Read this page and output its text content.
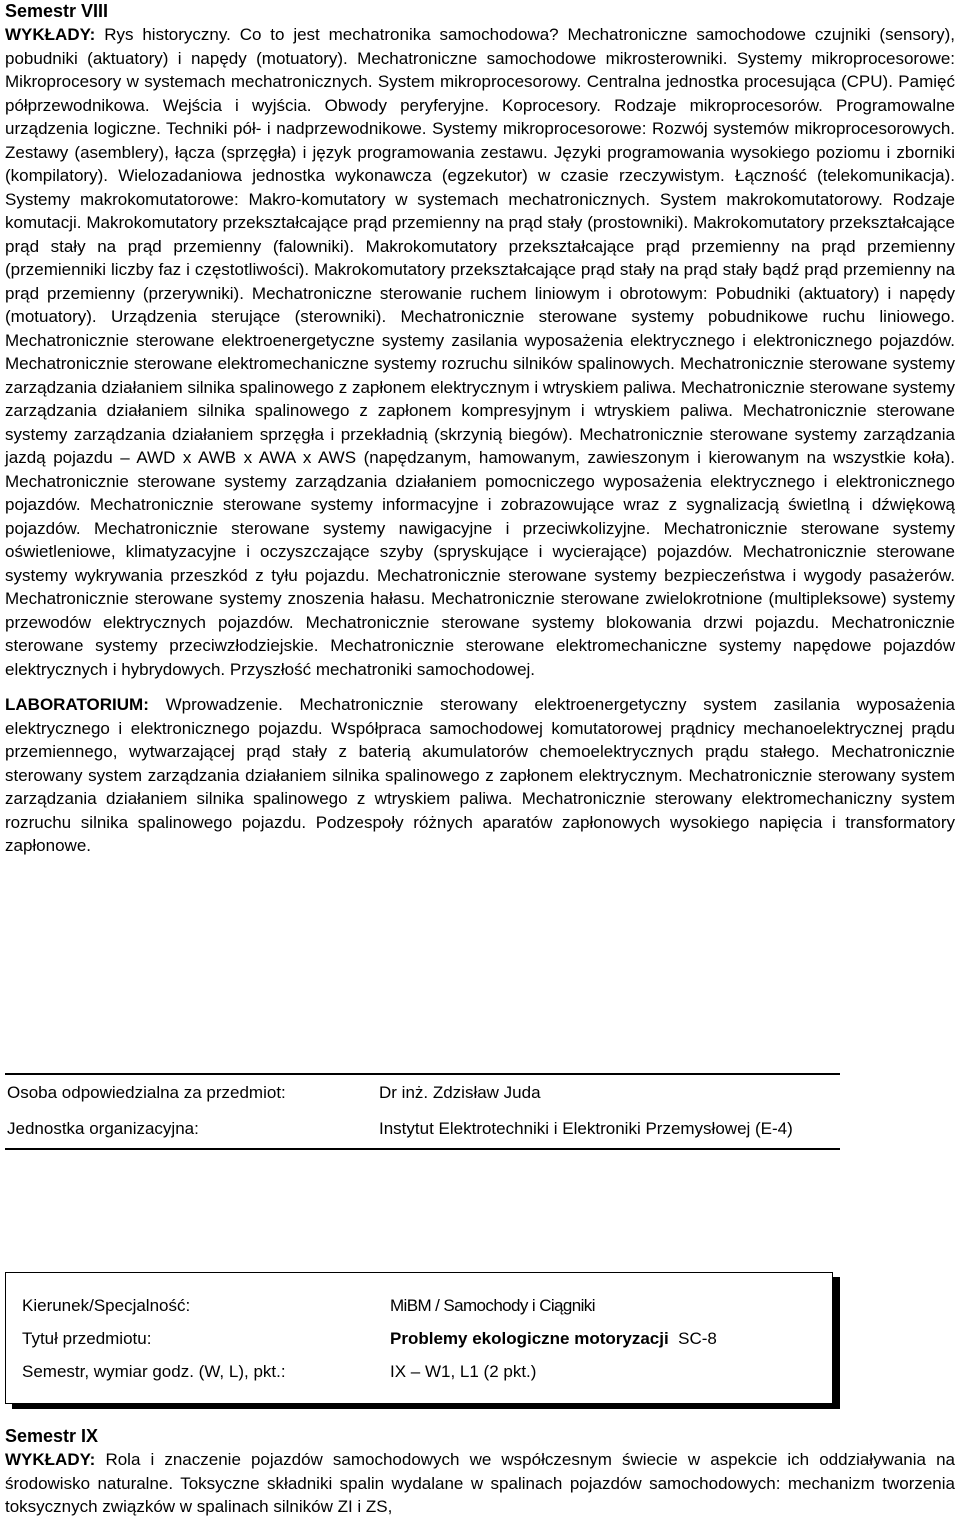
Semestr VIII

WYKŁADY: Rys historyczny. Co to jest mechatronika samochodowa? Mechatroniczne samochodowe czujniki (sensory), pobudniki (aktuatory) i napędy (motuatory). Mechatroniczne samochodowe mikrosterowniki. Systemy mikroprocesorowe: Mikroprocesory w systemach mechatronicznych. System mikroprocesorowy. Centralna jednostka procesująca (CPU). Pamięć półprzewodnikowa. Wejścia i wyjścia. Obwody peryferyjne. Koprocesory. Rodzaje mikroprocesorów. Programowalne urządzenia logiczne. Techniki pół- i nadprzewodnikowe. Systemy mikroprocesorowe: Rozwój systemów mikroprocesorowych. Zestawy (asemblery), łącza (sprzęgła) i język programowania zestawu. Języki programowania wysokiego poziomu i zborniki (kompilatory). Wielozadaniowa jednostka wykonawcza (egzekutor) w czasie rzeczywistym. Łączność (telekomunikacja). Systemy makrokomutatorowe: Makro-komutatory w systemach mechatronicznych. System makrokomutatorowy. Rodzaje komutacji. Makrokomutatory przekształcające prąd przemienny na prąd stały (prostowniki). Makrokomutatory przekształcające prąd stały na prąd przemienny (falowniki). Makrokomutatory przekształcające prąd przemienny na prąd przemienny (przemienniki liczby faz i częstotliwości). Makrokomutatory przekształcające prąd stały na prąd stały bądź prąd przemienny na prąd przemienny (przerywniki). Mechatroniczne sterowanie ruchem liniowym i obrotowym: Pobudniki (aktuatory) i napędy (motuatory). Urządzenia sterujące (sterowniki). Mechatronicznie sterowane systemy pobudnikowe ruchu liniowego. Mechatronicznie sterowane elektroenergetyczne systemy zasilania wyposażenia elektrycznego i elektronicznego pojazdów. Mechatronicznie sterowane elektromechaniczne systemy rozruchu silników spalinowych. Mechatronicznie sterowane systemy zarządzania działaniem silnika spalinowego z zapłonem elektrycznym i wtryskiem paliwa. Mechatronicznie sterowane systemy zarządzania działaniem silnika spalinowego z zapłonem kompresyjnym i wtryskiem paliwa. Mechatronicznie sterowane systemy zarządzania działaniem sprzęgła i przekładnią (skrzynią biegów). Mechatronicznie sterowane systemy zarządzania jazdą pojazdu – AWD x AWB x AWA x AWS (napędzanym, hamowanym, zawieszonym i kierowanym na wszystkie koła). Mechatronicznie sterowane systemy zarządzania działaniem pomocniczego wyposażenia elektrycznego i elektronicznego pojazdów. Mechatronicznie sterowane systemy informacyjne i zobrazowujące wraz z sygnalizacją świetlną i dźwiękową pojazdów. Mechatronicznie sterowane systemy nawigacyjne i przeciwkolizyjne. Mechatronicznie sterowane systemy oświetleniowe, klimatyzacyjne i oczyszczające szyby (spryskujące i wycierające) pojazdów. Mechatronicznie sterowane systemy wykrywania przeszkód z tyłu pojazdu. Mechatronicznie sterowane systemy bezpieczeństwa i wygody pasażerów. Mechatronicznie sterowane systemy znoszenia hałasu. Mechatronicznie sterowane zwielokrotnione (multipleksowe) systemy przewodów elektrycznych pojazdów. Mechatronicznie sterowane systemy blokowania drzwi pojazdu. Mechatronicznie sterowane systemy przeciwzłodziejskie. Mechatronicznie sterowane elektromechaniczne systemy napędowe pojazdów elektrycznych i hybrydowych. Przyszłość mechatroniki samochodowej.

LABORATORIUM: Wprowadzenie. Mechatronicznie sterowany elektroenergetyczny system zasilania wyposażenia elektrycznego i elektronicznego pojazdu. Współpraca samochodowej komutatorowej prądnicy mechanoelektrycznej prądu przemiennego, wytwarzającej prąd stały z baterią akumulatorów chemoelektrycznych prądu stałego. Mechatronicznie sterowany system zarządzania działaniem silnika spalinowego z zapłonem elektrycznym. Mechatronicznie sterowany system zarządzania działaniem silnika spalinowego z wtryskiem paliwa. Mechatronicznie sterowany elektromechaniczny system rozruchu silnika spalinowego pojazdu. Podzespoły różnych aparatów zapłonowych wysokiego napięcia i transformatory zapłonowe.

Osoba odpowiedzialna za przedmiot:	Dr inż. Zdzisław Juda
Jednostka organizacyjna:	Instytut Elektrotechniki i Elektroniki Przemysłowej (E-4)
Kierunek/Specjalność:	MiBM / Samochody i Ciągniki
Tytuł przedmiotu:	Problemy ekologiczne motoryzacji SC-8
Semestr, wymiar godz. (W, L), pkt.:	IX – W1, L1 (2 pkt.)
Semestr IX

WYKŁADY: Rola i znaczenie pojazdów samochodowych we współczesnym świecie w aspekcie ich oddziaływania na środowisko naturalne. Toksyczne składniki spalin wydalane w spalinach pojazdów samochodowych: mechanizm tworzenia toksycznych związków w spalinach silników ZI i ZS,
